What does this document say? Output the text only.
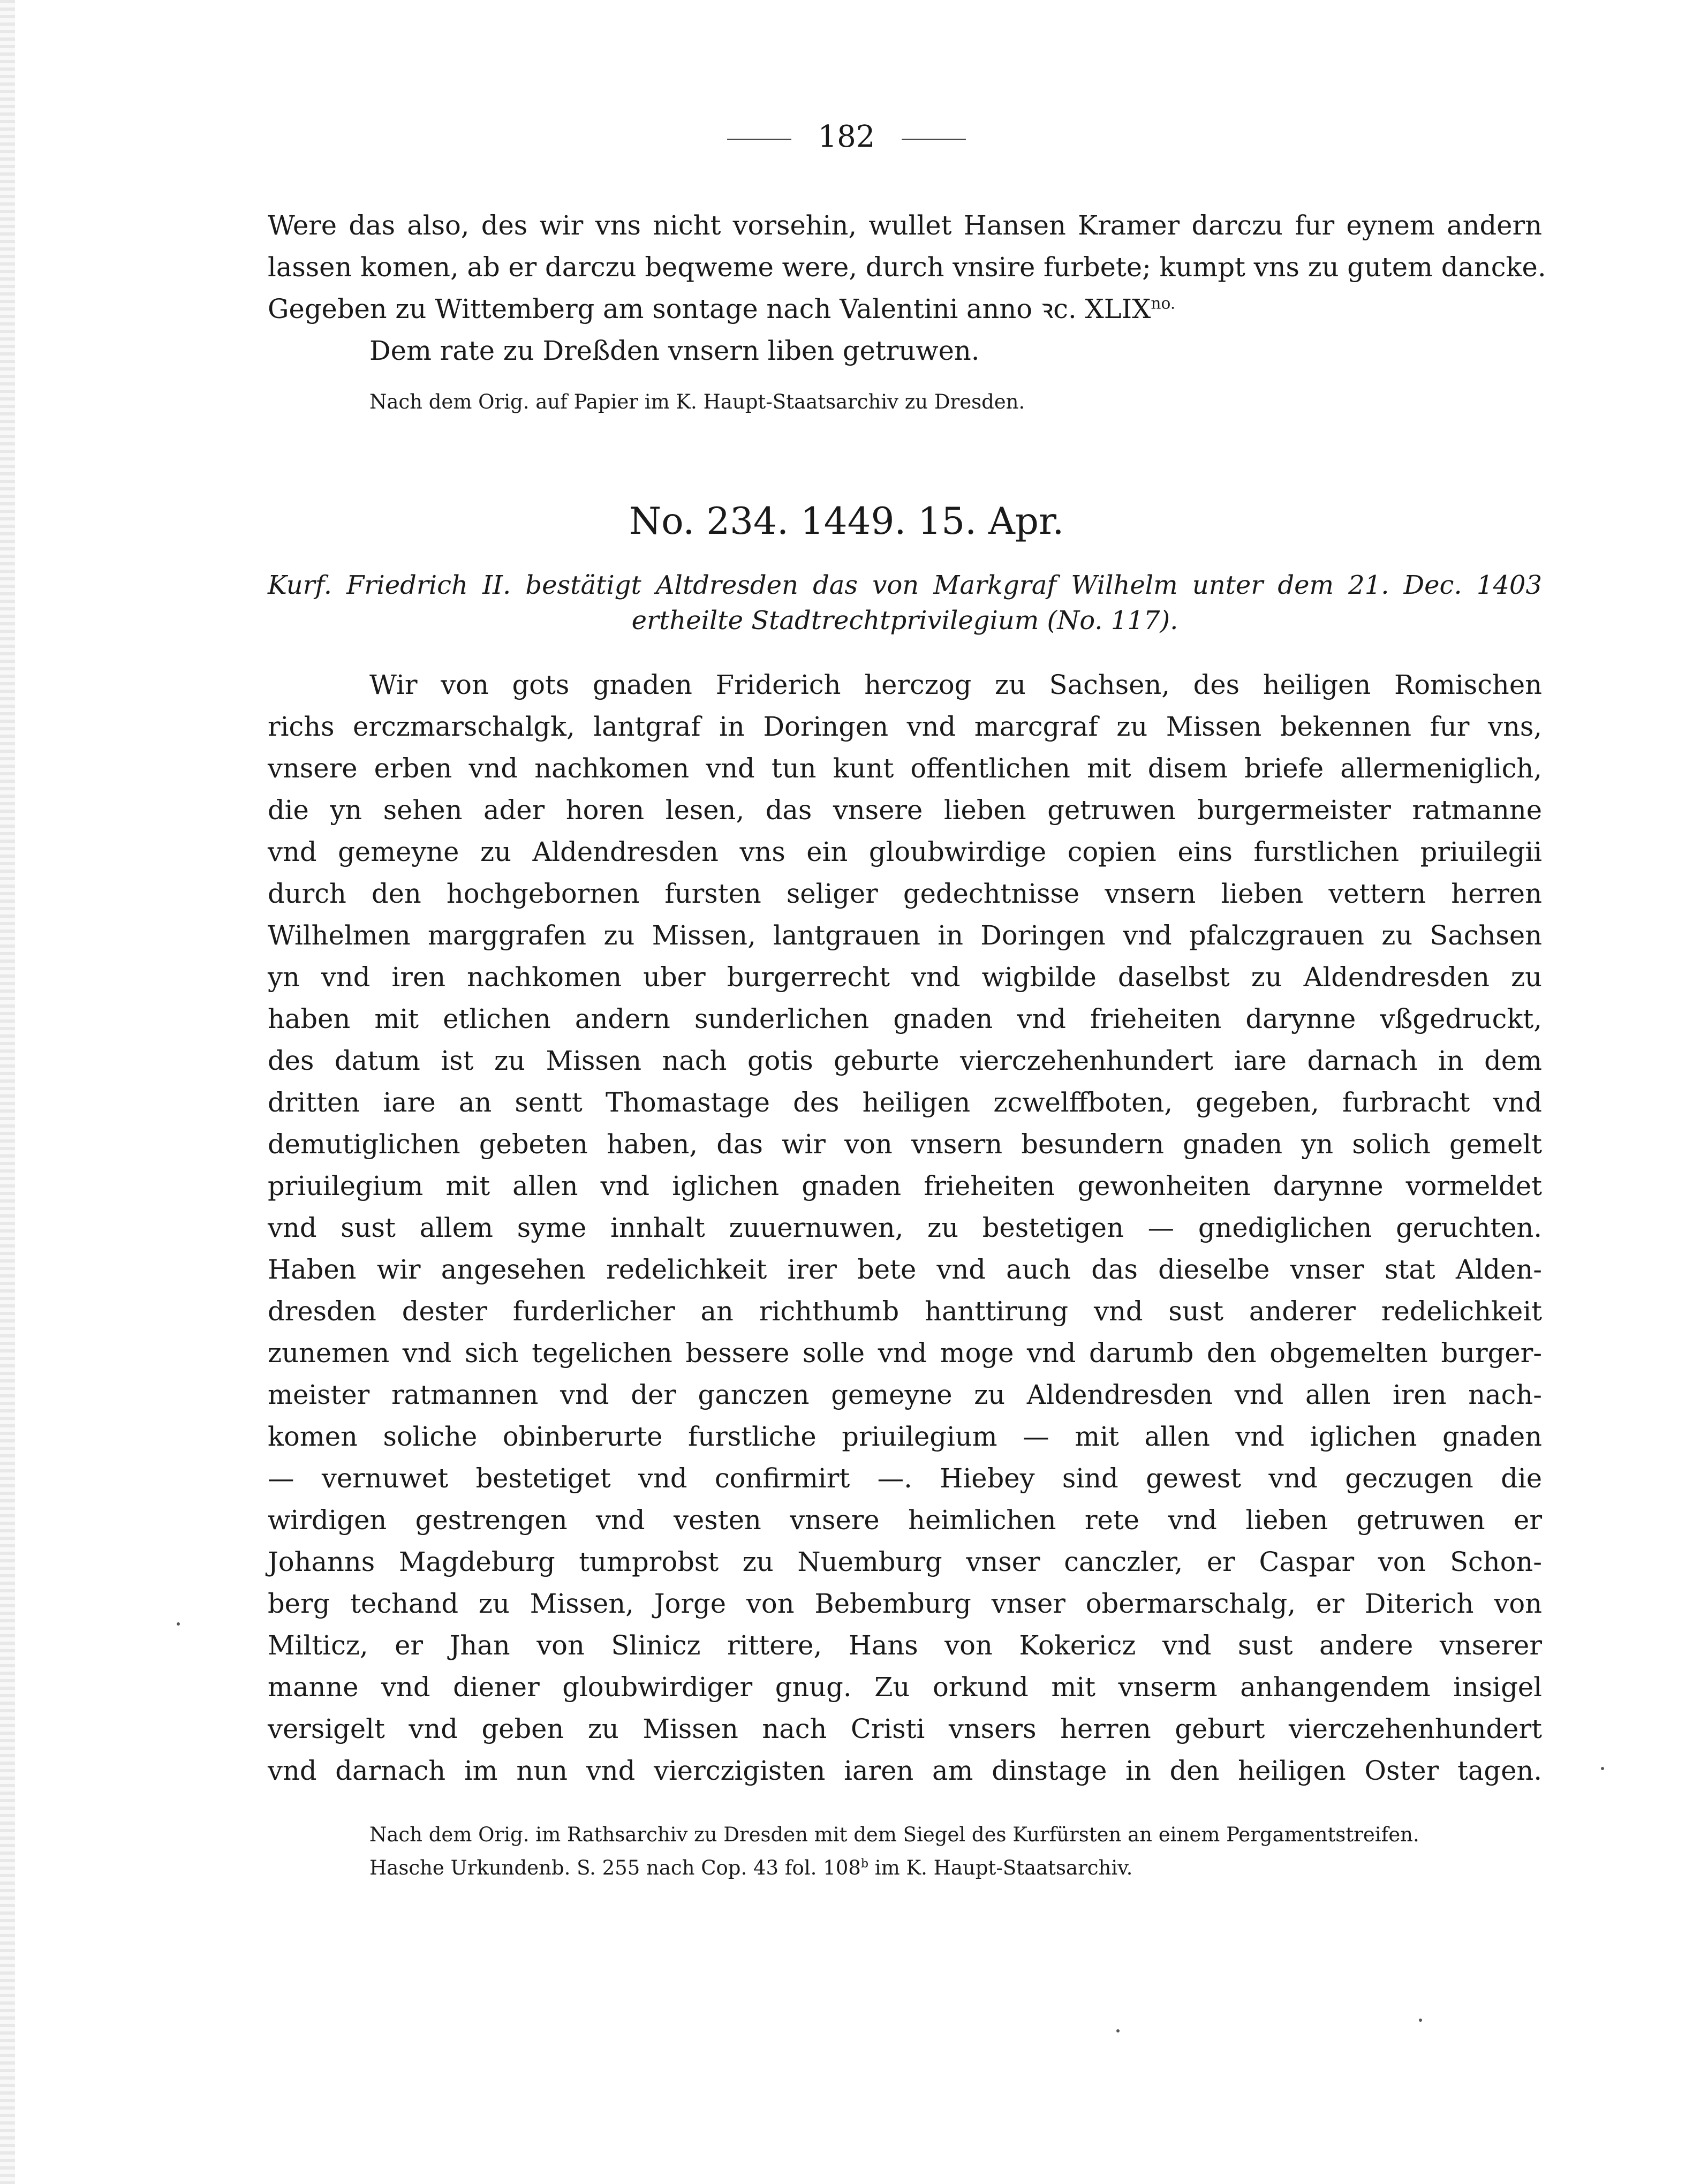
182
Were das also, des wir vns nicht vorsehin, wullet Hansen Kramer darczu fur eynem andern
lassen komen, ab er darczu beqweme were, durch vnsire furbete; kumpt vns zu gutem dancke.
Gegeben zu Wittemberg am sontage nach Valentini anno ꝛc. $XLIX^{no.}$
Dem rate zu Dreßden vnsern liben getruwen.
Nach dem Orig. auf Papier im K. Haupt-Staatsarchiv zu Dresden.
No. 234. 1449. 15. Apr.
Kurf. Friedrich II. bestätigt Altdresden das von Markgraf Wilhelm unter dem 21. Dec. 1403
ertheilte Stadtrechtprivilegium (No. 117).
Wir von gots gnaden Friderich herczog zu Sachsen, des heiligen Romischen
richs erczmarschalgk, lantgraf in Doringen vnd marcgraf zu Missen bekennen fur vns,
vnsere erben vnd nachkomen vnd tun kunt offentlichen mit disem briefe allermeniglich,
die yn sehen ader horen lesen, das vnsere lieben getruwen burgermeister ratmanne
vnd gemeyne zu Aldendresden vns ein gloubwirdige copien eins furstlichen priuilegii
durch den hochgebornen fursten seliger gedechtnisse vnsern lieben vettern herren
Wilhelmen marggrafen zu Missen, lantgrauen in Doringen vnd pfalczgrauen zu Sachsen
yn vnd iren nachkomen uber burgerrecht vnd wigbilde daselbst zu Aldendresden zu
haben mit etlichen andern sunderlichen gnaden vnd frieheiten darynne vßgedruckt,
des datum ist zu Missen nach gotis geburte vierczehenhundert iare darnach in dem
dritten iare an sentt Thomastage des heiligen zcwelffboten, gegeben, furbracht vnd
demutiglichen gebeten haben, das wir von vnsern besundern gnaden yn solich gemelt
priuilegium mit allen vnd iglichen gnaden frieheiten gewonheiten darynne vormeldet
vnd sust allem syme innhalt zuuernuwen, zu bestetigen — gnediglichen geruchten.
Haben wir angesehen redelichkeit irer bete vnd auch das dieselbe vnser stat Alden-
dresden dester furderlicher an richthumb hanttirung vnd sust anderer redelichkeit
zunemen vnd sich tegelichen bessere solle vnd moge vnd darumb den obgemelten burger-
meister ratmannen vnd der ganczen gemeyne zu Aldendresden vnd allen iren nach-
komen soliche obinberurte furstliche priuilegium — mit allen vnd iglichen gnaden
— vernuwet bestetiget vnd confirmirt —. Hiebey sind gewest vnd geczugen die
wirdigen gestrengen vnd vesten vnsere heimlichen rete vnd lieben getruwen er
Johanns Magdeburg tumprobst zu Nuemburg vnser canczler, er Caspar von Schon-
berg techand zu Missen, Jorge von Bebemburg vnser obermarschalg, er Diterich von
Milticz, er Jhan von Slinicz rittere, Hans von Kokericz vnd sust andere vnserer
manne vnd diener gloubwirdiger gnug. Zu orkund mit vnserm anhangendem insigel
versigelt vnd geben zu Missen nach Cristi vnsers herren geburt vierczehenhundert
vnd darnach im nun vnd vierczigisten iaren am dinstage in den heiligen Oster tagen.
Nach dem Orig. im Rathsarchiv zu Dresden mit dem Siegel des Kurfürsten an einem Pergamentstreifen.
Hasche Urkundenb. S. 255 nach Cop. 43 fol. 108$^b$ im K. Haupt-Staatsarchiv.
